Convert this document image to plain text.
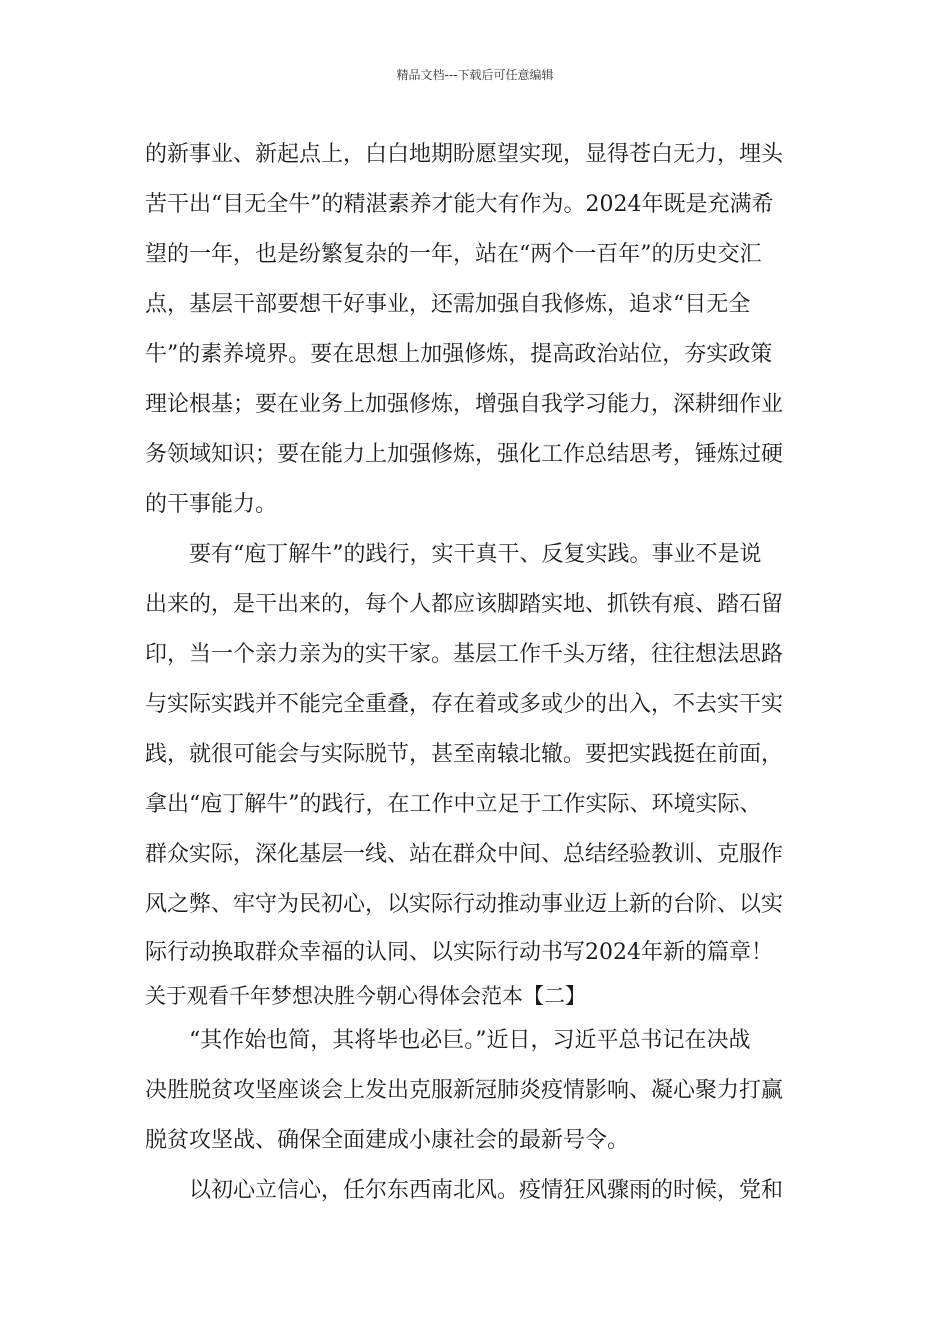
精品文档---下载后可任意编辑
的新事业、新起点上，白白地期盼愿望实现，显得苍白无力，埋头
苦干出“目无全牛”的精湛素养才能大有作为。2024年既是充满希
望的一年，也是纷繁复杂的一年，站在“两个一百年”的历史交汇
点，基层干部要想干好事业，还需加强自我修炼，追求“目无全
牛”的素养境界。要在思想上加强修炼，提高政治站位，夯实政策
理论根基；要在业务上加强修炼，增强自我学习能力，深耕细作业
务领域知识；要在能力上加强修炼，强化工作总结思考，锤炼过硬
的干事能力。
要有“庖丁解牛”的践行，实干真干、反复实践。事业不是说
出来的，是干出来的，每个人都应该脚踏实地、抓铁有痕、踏石留
印，当一个亲力亲为的实干家。基层工作千头万绪，往往想法思路
与实际实践并不能完全重叠，存在着或多或少的出入，不去实干实
践，就很可能会与实际脱节，甚至南辕北辙。要把实践挺在前面，
拿出“庖丁解牛”的践行，在工作中立足于工作实际、环境实际、
群众实际，深化基层一线、站在群众中间、总结经验教训、克服作
风之弊、牢守为民初心，以实际行动推动事业迈上新的台阶、以实
际行动换取群众幸福的认同、以实际行动书写2024年新的篇章！
关于观看千年梦想决胜今朝心得体会范本【二】
“其作始也简，其将毕也必巨。”近日，习近平总书记在决战
决胜脱贫攻坚座谈会上发出克服新冠肺炎疫情影响、凝心聚力打赢
脱贫攻坚战、确保全面建成小康社会的最新号令。
以初心立信心，任尔东西南北风。疫情狂风骤雨的时候，党和
